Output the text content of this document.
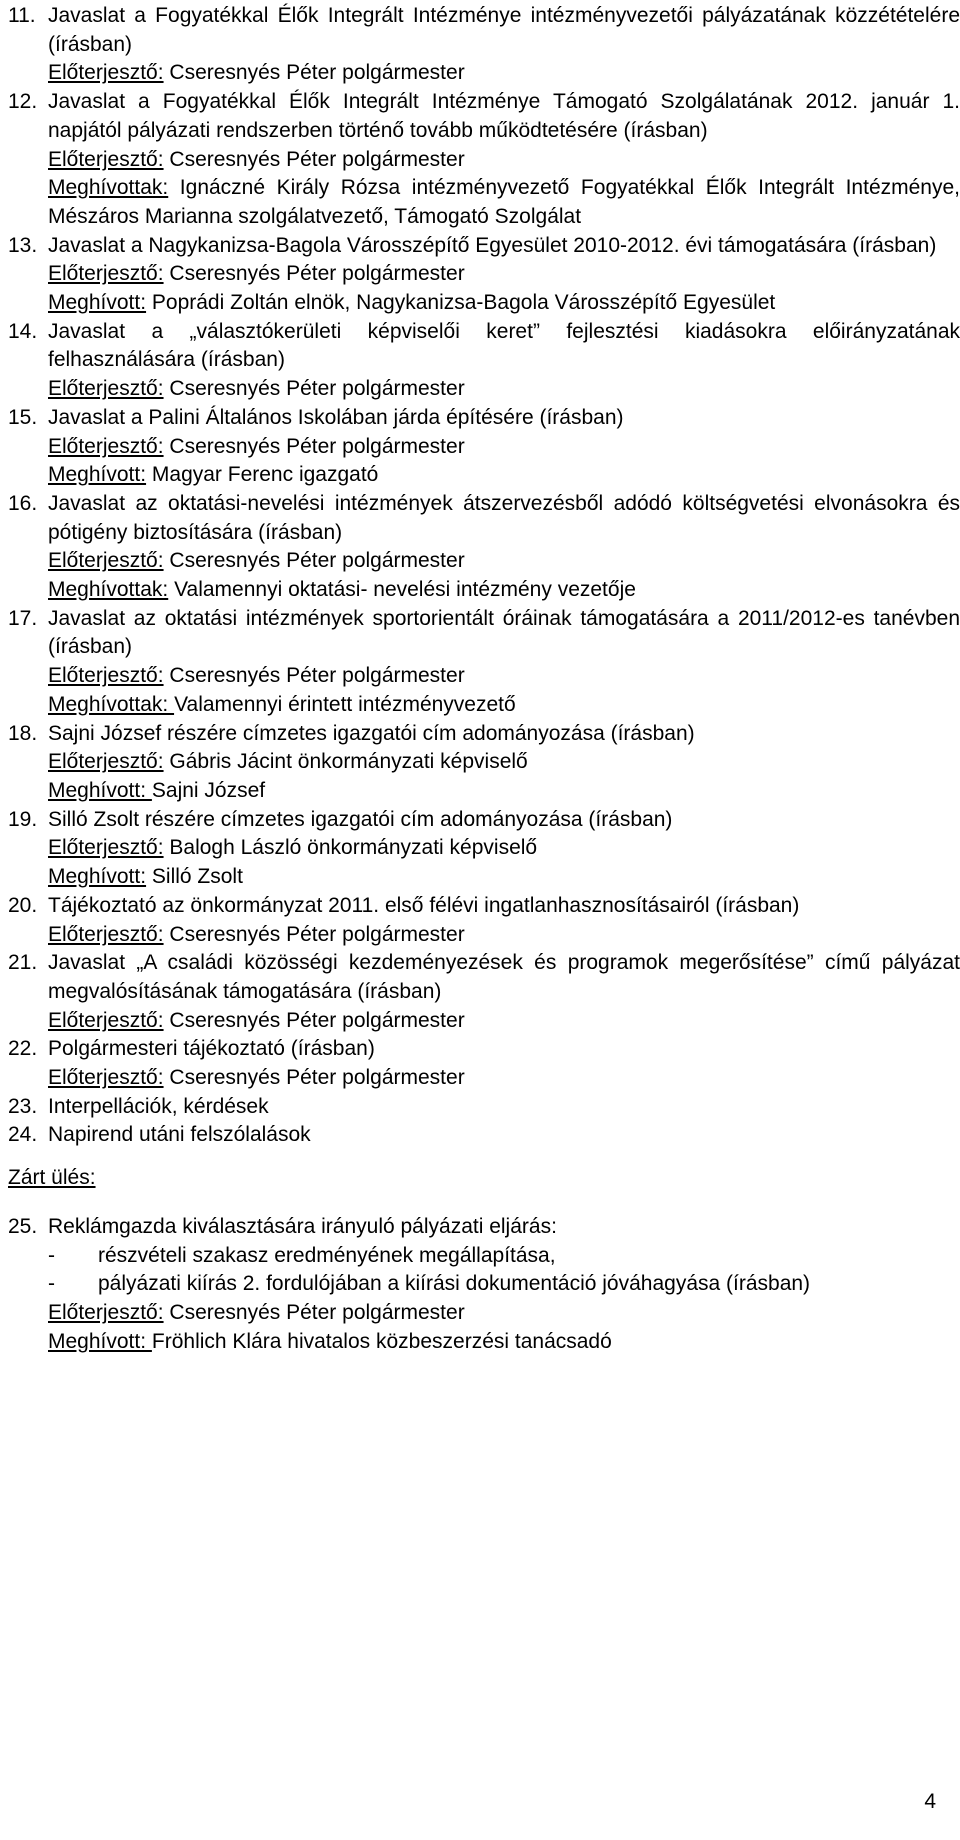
11. Javaslat a Fogyatékkal Élők Integrált Intézménye intézményvezetői pályázatának közzétételére (írásban)
Előterjesztő: Cseresnyés Péter polgármester
12. Javaslat a Fogyatékkal Élők Integrált Intézménye Támogató Szolgálatának 2012. január 1. napjától pályázati rendszerben történő tovább működtetésére (írásban)
Előterjesztő: Cseresnyés Péter polgármester
Meghívottak: Ignáczné Király Rózsa intézményvezető Fogyatékkal Élők Integrált Intézménye, Mészáros Marianna szolgálatvezető, Támogató Szolgálat
13. Javaslat a Nagykanizsa-Bagola Városszépítő Egyesület 2010-2012. évi támogatására (írásban)
Előterjesztő: Cseresnyés Péter polgármester
Meghívott: Poprádi Zoltán elnök, Nagykanizsa-Bagola Városszépítő Egyesület
14. Javaslat a „választókerületi képviselői keret” fejlesztési kiadásokra előirányzatának felhasználására (írásban)
Előterjesztő: Cseresnyés Péter polgármester
15. Javaslat a Palini Általános Iskolában járda építésére (írásban)
Előterjesztő: Cseresnyés Péter polgármester
Meghívott: Magyar Ferenc igazgató
16. Javaslat az oktatási-nevelési intézmények átszervezésből adódó költségvetési elvonásokra és pótigény biztosítására (írásban)
Előterjesztő: Cseresnyés Péter polgármester
Meghívottak: Valamennyi oktatási- nevelési intézmény vezetője
17. Javaslat az oktatási intézmények sportorientált óráinak támogatására a 2011/2012-es tanévben (írásban)
Előterjesztő: Cseresnyés Péter polgármester
Meghívottak: Valamennyi érintett intézményvezető
18. Sajni József részére címzetes igazgatói cím adományozása (írásban)
Előterjesztő: Gábris Jácint önkormányzati képviselő
Meghívott: Sajni József
19. Silló Zsolt részére címzetes igazgatói cím adományozása (írásban)
Előterjesztő: Balogh László önkormányzati képviselő
Meghívott: Silló Zsolt
20. Tájékoztató az önkormányzat 2011. első félévi ingatlanhasznosításairól (írásban)
Előterjesztő: Cseresnyés Péter polgármester
21. Javaslat „A családi közösségi kezdeményezések és programok megerősítése” című pályázat megvalósításának támogatására (írásban)
Előterjesztő: Cseresnyés Péter polgármester
22. Polgármesteri tájékoztató (írásban)
Előterjesztő: Cseresnyés Péter polgármester
23. Interpellációk, kérdések
24. Napirend utáni felszólalások
Zárt ülés:
25. Reklámgazda kiválasztására irányuló pályázati eljárás:
- részvételi szakasz eredményének megállapítása,
- pályázati kiírás 2. fordulójában a kiírási dokumentáció jóváhagyása (írásban)
Előterjesztő: Cseresnyés Péter polgármester
Meghívott: Fröhlich Klára hivatalos közbeszerzési tanácsadó
4
